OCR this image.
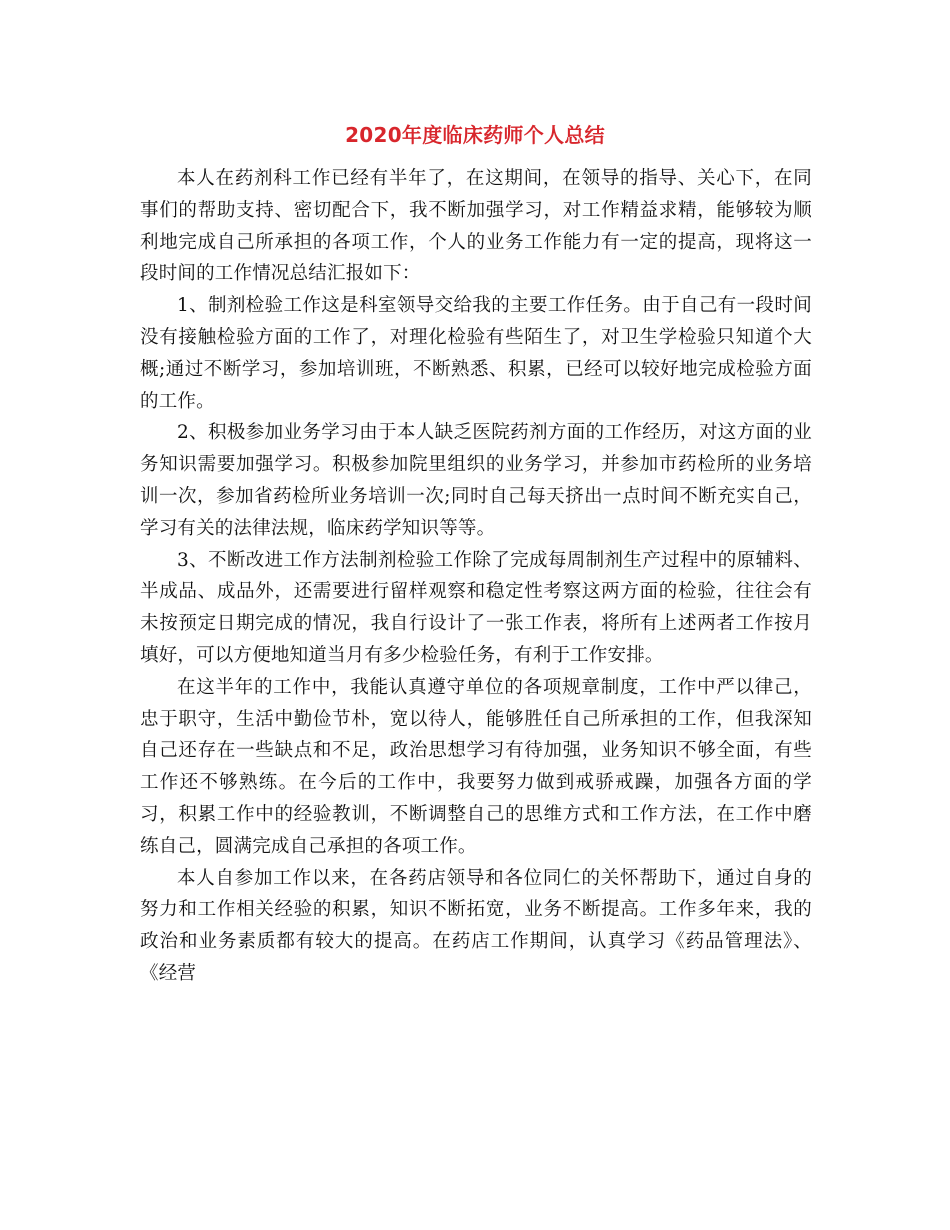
2020年度临床药师个人总结

本人在药剂科工作已经有半年了，在这期间，在领导的指导、关心下，在同事们的帮助支持、密切配合下，我不断加强学习，对工作精益求精，能够较为顺利地完成自己所承担的各项工作，个人的业务工作能力有一定的提高，现将这一段时间的工作情况总结汇报如下：

1、制剂检验工作这是科室领导交给我的主要工作任务。由于自己有一段时间没有接触检验方面的工作了，对理化检验有些陌生了，对卫生学检验只知道个大概;通过不断学习，参加培训班，不断熟悉、积累，已经可以较好地完成检验方面的工作。

2、积极参加业务学习由于本人缺乏医院药剂方面的工作经历，对这方面的业务知识需要加强学习。积极参加院里组织的业务学习，并参加市药检所的业务培训一次，参加省药检所业务培训一次;同时自己每天挤出一点时间不断充实自己，学习有关的法律法规，临床药学知识等等。

3、不断改进工作方法制剂检验工作除了完成每周制剂生产过程中的原辅料、半成品、成品外，还需要进行留样观察和稳定性考察这两方面的检验，往往会有未按预定日期完成的情况，我自行设计了一张工作表，将所有上述两者工作按月填好，可以方便地知道当月有多少检验任务，有利于工作安排。

在这半年的工作中，我能认真遵守单位的各项规章制度，工作中严以律己，忠于职守，生活中勤俭节朴，宽以待人，能够胜任自己所承担的工作，但我深知自己还存在一些缺点和不足，政治思想学习有待加强，业务知识不够全面，有些工作还不够熟练。在今后的工作中，我要努力做到戒骄戒躁，加强各方面的学习，积累工作中的经验教训，不断调整自己的思维方式和工作方法，在工作中磨练自己，圆满完成自己承担的各项工作。

本人自参加工作以来，在各药店领导和各位同仁的关怀帮助下，通过自身的努力和工作相关经验的积累，知识不断拓宽，业务不断提高。工作多年来，我的政治和业务素质都有较大的提高。在药店工作期间，认真学习《药品管理法》、《经营
